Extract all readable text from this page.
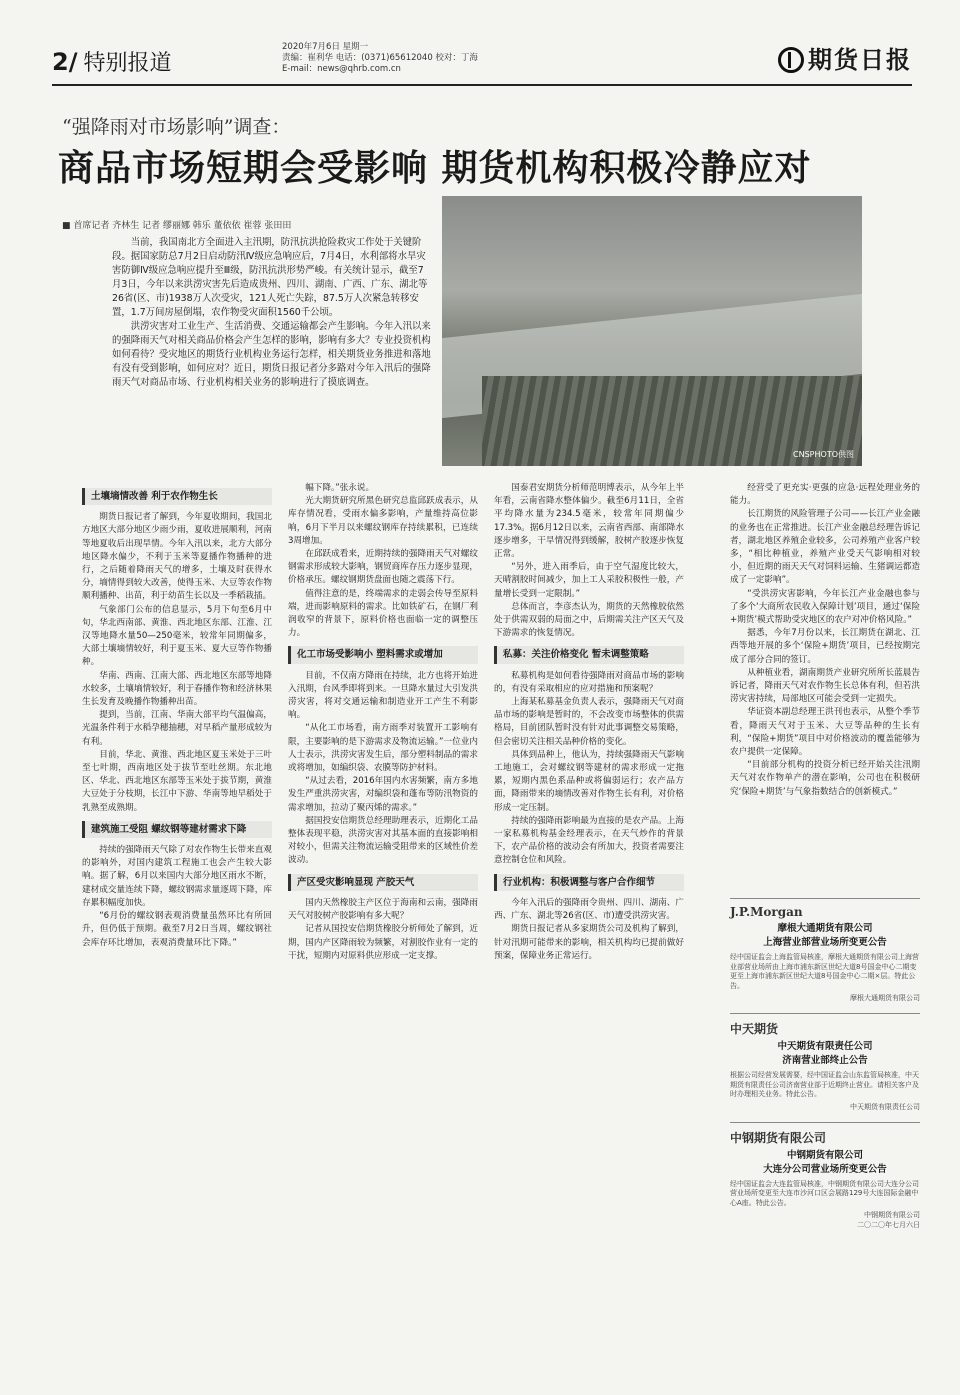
2/ 特别报道
2020年7月6日 星期一
责编：崔利华 电话：(0371)65612040 校对：丁海
E-mail：news@qhrb.com.cn	期货日报
“强降雨对市场影响”调查：
商品市场短期会受影响 期货机构积极冷静应对
■ 首席记者 齐林生 记者 缪丽娜 韩乐 董依依 崔蓉 张田田

当前，我国南北方全面进入主汛期，防汛抗洪抢险救灾工作处于关键阶段。据国家防总7月2日启动防汛Ⅳ级应急响应后，7月4日，水利部将水旱灾害防御Ⅳ级应急响应提升至Ⅲ级，防汛抗洪形势严峻。有关统计显示，截至7月3日，今年以来洪涝灾害先后造成贵州、四川、湖南、广西、广东、湖北等26省(区、市)1938万人次受灾，121人死亡失踪，87.5万人次紧急转移安置，1.7万间房屋倒塌，农作物受灾面积1560千公顷。

洪涝灾害对工业生产、生活消费、交通运输都会产生影响。今年入汛以来的强降雨天气对相关商品价格会产生怎样的影响，影响有多大？专业投资机构如何看待？受灾地区的期货行业机构业务运行怎样，相关期货业务推进和落地有没有受到影响，如何应对？近日，期货日报记者分多路对今年入汛后的强降雨天气对商品市场、行业机构相关业务的影响进行了摸底调查。

CNSPHOTO供图
土壤墒情改善 利于农作物生长

期货日报记者了解到，今年夏收期间，我国北方地区大部分地区少雨少雨，夏收进展顺利，河南等地夏收后出现旱情。今年入汛以来，北方大部分地区降水偏少，不利于玉米等夏播作物播种的进行，之后随着降雨天气的增多，土壤及时获得水分，墒情得到较大改善，使得玉米、大豆等农作物顺利播种、出苗，利于幼苗生长以及一季稻栽插。

气象部门公布的信息显示，5月下旬至6月中旬，华北西南部、黄淮、西北地区东部、江淮、江汉等地降水量50—250毫米，较常年同期偏多，大部土壤墒情较好，利于夏玉米、夏大豆等作物播种。

华南、西南、江南大部、西北地区东部等地降水较多，土壤墒情较好，利于春播作物和经济林果生长发育及晚播作物播种出苗。

提到，当前，江南、华南大部平均气温偏高，光温条件利于水稻孕穗抽穗，对早稻产量形成较为有利。

目前，华北、黄淮、西北地区夏玉米处于三叶至七叶期，西南地区处于拔节至吐丝期。东北地区、华北、西北地区东部等玉米处于拔节期，黄淮大豆处于分枝期，长江中下游、华南等地早稻处于乳熟至成熟期。

建筑施工受阻 螺纹钢等建材需求下降

持续的强降雨天气除了对农作物生长带来直观的影响外，对国内建筑工程施工也会产生较大影响。据了解，6月以来国内大部分地区雨水不断，建材成交量连续下降，螺纹钢需求量逐周下降，库存累积幅度加快。

“6月份的螺纹钢表观消费量虽然环比有所回升，但仍低于预期。截至7月2日当周，螺纹钢社会库存环比增加，表观消费量环比下降。”

幅下降。”张永说。

光大期货研究所黑色研究总监邱跃成表示，从库存情况看，受雨水偏多影响，产量维持高位影响，6月下半月以来螺纹钢库存持续累积，已连续3周增加。

在邱跃成看来，近期持续的强降雨天气对螺纹钢需求形成较大影响，钢贸商库存压力逐步显现，价格承压。螺纹钢期货盘面也随之震荡下行。

值得注意的是，终端需求的走弱会传导至原料端，进而影响原料的需求。比如铁矿石，在钢厂利润收窄的背景下，原料价格也面临一定的调整压力。

化工市场受影响小 塑料需求或增加

目前，不仅南方降雨在持续，北方也将开始进入汛期，台风季即将到来。一旦降水量过大引发洪涝灾害，将对交通运输和制造业开工产生不利影响。

“从化工市场看，南方雨季对装置开工影响有限，主要影响的是下游需求及物流运输。”一位业内人士表示，洪涝灾害发生后，部分塑料制品的需求或将增加，如编织袋、农膜等防护材料。

“从过去看，2016年国内水害频繁，南方多地发生严重洪涝灾害，对编织袋和蓬布等防汛物资的需求增加，拉动了聚丙烯的需求。”

据国投安信期货总经理助理表示，近期化工品整体表现平稳，洪涝灾害对其基本面的直接影响相对较小，但需关注物流运输受阻带来的区域性价差波动。

产区受灾影响显现 产胶天气

国内天然橡胶主产区位于海南和云南，强降雨天气对胶树产胶影响有多大呢？

记者从国投安信期货橡胶分析师处了解到，近期，国内产区降雨较为频繁，对割胶作业有一定的干扰，短期内对原料供应形成一定支撑。

国泰君安期货分析师范明博表示，从今年上半年看，云南省降水整体偏少。截至6月11日，全省平均降水量为234.5毫米，较常年同期偏少17.3%。据6月12日以来，云南省西部、南部降水逐步增多，干旱情况得到缓解，胶树产胶逐步恢复正常。

“另外，进入雨季后，由于空气湿度比较大，天晴割胶时间减少，加上工人采胶积极性一般，产量增长受到一定限制。”

总体而言，李彦杰认为，期货的天然橡胶依然处于供需双弱的局面之中，后期需关注产区天气及下游需求的恢复情况。

私募：关注价格变化 暂未调整策略

私募机构是如何看待强降雨对商品市场的影响的，有没有采取相应的应对措施和预案呢？

上海某私募基金负责人表示，强降雨天气对商品市场的影响是暂时的，不会改变市场整体的供需格局，目前团队暂时没有针对此事调整交易策略，但会密切关注相关品种价格的变化。

具体到品种上，他认为，持续强降雨天气影响工地施工，会对螺纹钢等建材的需求形成一定拖累，短期内黑色系品种或将偏弱运行；农产品方面，降雨带来的墒情改善对作物生长有利，对价格形成一定压制。

持续的强降雨影响最为直接的是农产品。上海一家私募机构基金经理表示，在天气炒作的背景下，农产品价格的波动会有所加大，投资者需要注意控制仓位和风险。

行业机构：积极调整与客户合作细节

今年入汛后的强降雨令贵州、四川、湖南、广西、广东、湖北等26省(区、市)遭受洪涝灾害。

期货日报记者从多家期货公司及机构了解到，针对汛期可能带来的影响，相关机构均已提前做好预案，保障业务正常运行。

经营受了更充实·更强的应急·远程处理业务的能力。

长江期货的风险管理子公司——长江产业金融的业务也在正常推进。长江产业金融总经理告诉记者，湖北地区养殖企业较多，公司养殖产业客户较多，“相比种植业，养殖产业受天气影响相对较小，但近期的雨天天气对饲料运输、生猪调运都造成了一定影响”。

“受洪涝灾害影响，今年长江产业金融也参与了多个‘大商所农民收入保障计划’项目，通过‘保险+期货’模式帮助受灾地区的农户对冲价格风险。”

据悉，今年7月份以来，长江期货在湖北、江西等地开展的多个‘保险+期货’项目，已经按期完成了部分合同的签订。

从种植业看，湖南期货产业研究所所长蓝晨告诉记者，降雨天气对农作物生长总体有利，但若洪涝灾害持续，局部地区可能会受到一定损失。

华证资本副总经理王洪刊也表示，从整个季节看，降雨天气对于玉米、大豆等品种的生长有利，“保险+期货”项目中对价格波动的覆盖能够为农户提供一定保障。

“目前部分机构的投资分析已经开始关注汛期天气对农作物单产的潜在影响，公司也在积极研究‘保险+期货’与气象指数结合的创新模式。”

J.P.Morgan
摩根大通期货有限公司
上海营业部营业场所变更公告
经中国证监会上海监管局核准，摩根大通期货有限公司上海营业部营业场所由上海市浦东新区世纪大道8号国金中心二期变更至上海市浦东新区世纪大道8号国金中心二期×层。特此公告。
摩根大通期货有限公司
中天期货
中天期货有限责任公司
济南营业部终止公告
根据公司经营发展需要，经中国证监会山东监管局核准，中天期货有限责任公司济南营业部于近期终止营业。请相关客户及时办理相关业务。特此公告。
中天期货有限责任公司
中钢期货有限公司
中钢期货有限公司
大连分公司营业场所变更公告
经中国证监会大连监管局核准，中钢期货有限公司大连分公司营业场所变更至大连市沙河口区会展路129号大连国际金融中心A座。特此公告。
中钢期货有限公司
二〇二〇年七月六日
